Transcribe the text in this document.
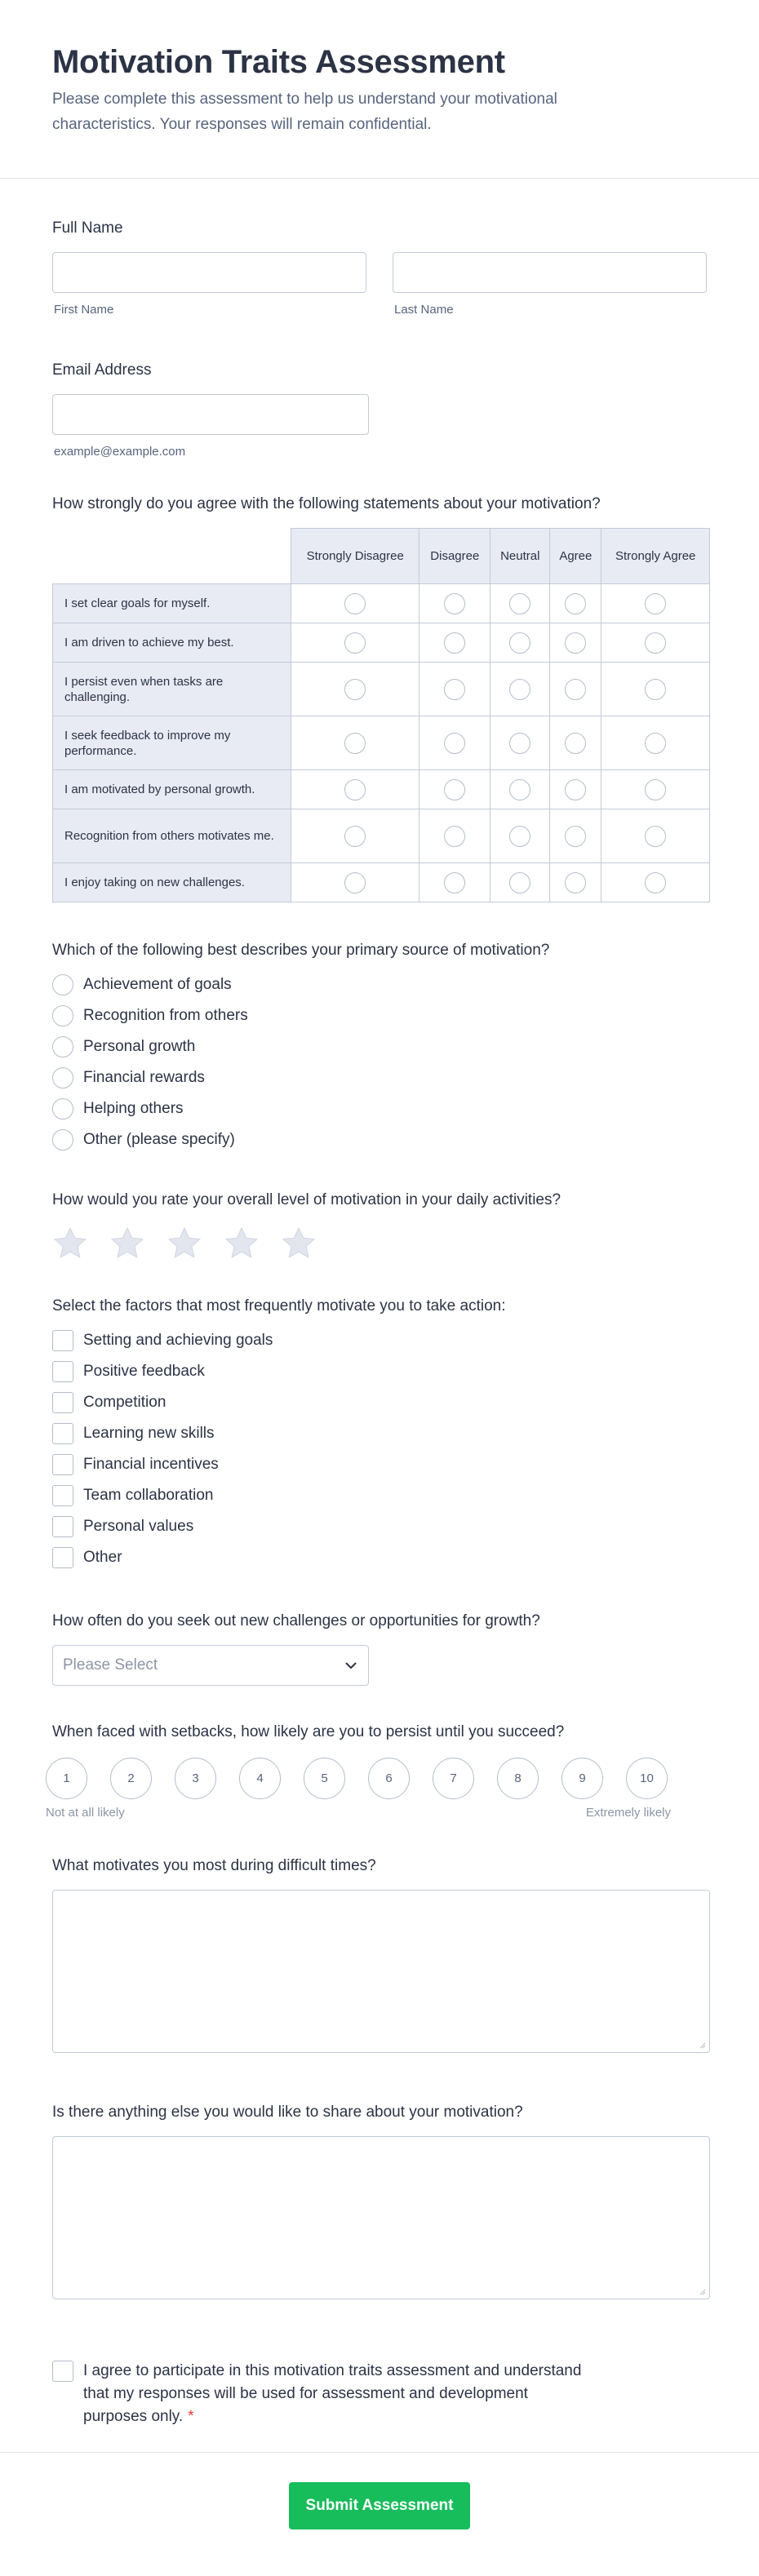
Motivation Traits Assessment

Please complete this assessment to help us understand your motivational characteristics. Your responses will remain confidential.

Full Name
First Name	Last Name
Email Address
example@example.com
How strongly do you agree with the following statements about your motivation?
	Strongly Disagree	Disagree	Neutral	Agree	Strongly Agree
I set clear goals for myself.					
I am driven to achieve my best.					
I persist even when tasks are challenging.					
I seek feedback to improve my performance.					
I am motivated by personal growth.					
Recognition from others motivates me.					
I enjoy taking on new challenges.					
Which of the following best describes your primary source of motivation?
Achievement of goals
Recognition from others
Personal growth
Financial rewards
Helping others
Other (please specify)
How would you rate your overall level of motivation in your daily activities?
Select the factors that most frequently motivate you to take action:
Setting and achieving goals
Positive feedback
Competition
Learning new skills
Financial incentives
Team collaboration
Personal values
Other
How often do you seek out new challenges or opportunities for growth?
Please Select
When faced with setbacks, how likely are you to persist until you succeed?
1	2	3	4	5	6	7	8	9	10
Not at all likely	Extremely likely
What motivates you most during difficult times?
Is there anything else you would like to share about your motivation?
I agree to participate in this motivation traits assessment and understand that my responses will be used for assessment and development purposes only. *
Submit Assessment
